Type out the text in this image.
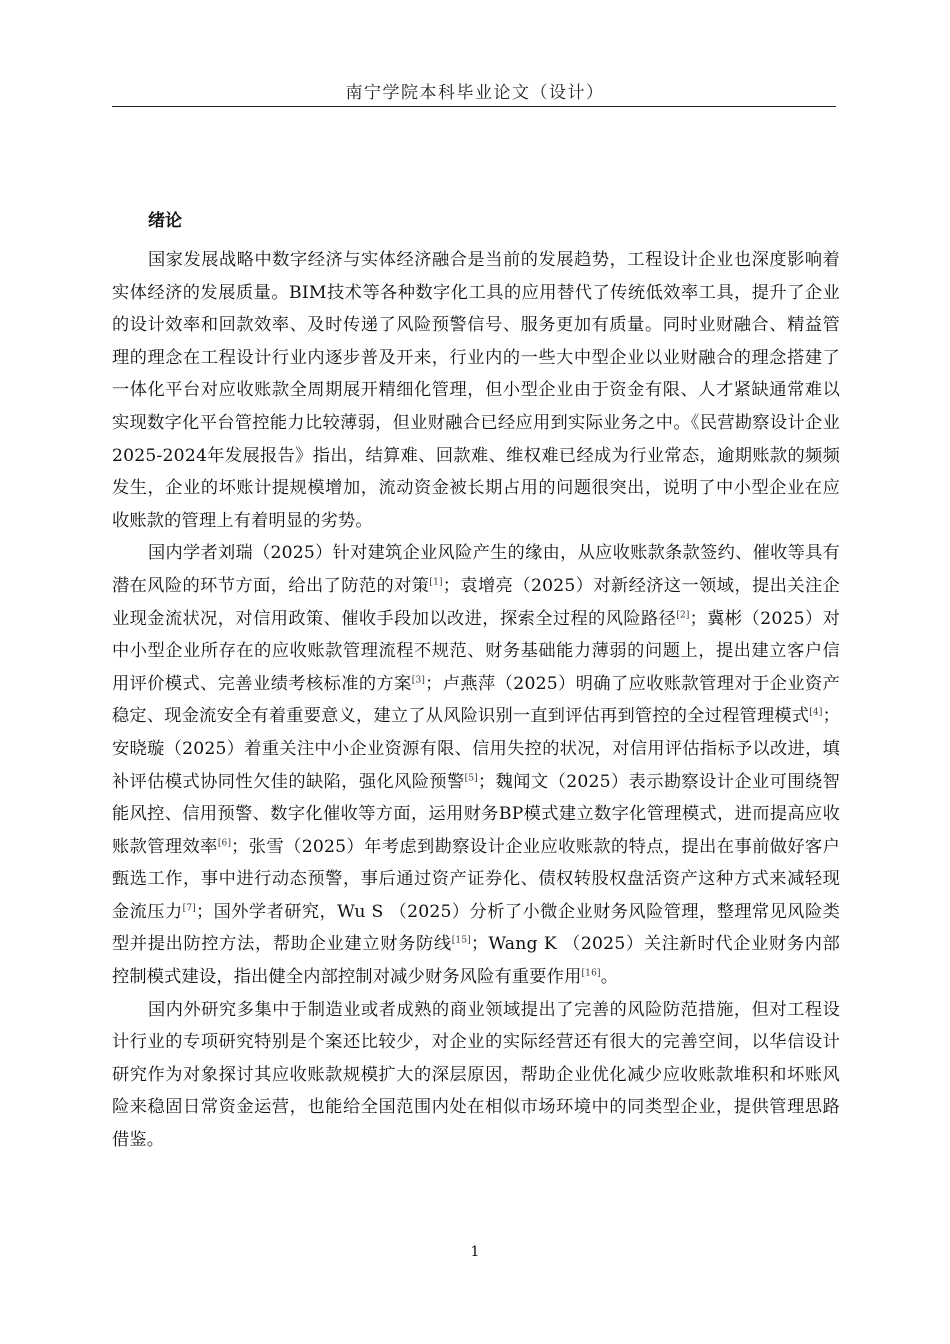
南宁学院本科毕业论文（设计）
绪论

国家发展战略中数字经济与实体经济融合是当前的发展趋势，工程设计企业也深度影响着实体经济的发展质量。BIM技术等各种数字化工具的应用替代了传统低效率工具，提升了企业的设计效率和回款效率、及时传递了风险预警信号、服务更加有质量。同时业财融合、精益管理的理念在工程设计行业内逐步普及开来，行业内的一些大中型企业以业财融合的理念搭建了一体化平台对应收账款全周期展开精细化管理，但小型企业由于资金有限、人才紧缺通常难以实现数字化平台管控能力比较薄弱，但业财融合已经应用到实际业务之中。《民营勘察设计企业2025-2024年发展报告》指出，结算难、回款难、维权难已经成为行业常态，逾期账款的频频发生，企业的坏账计提规模增加，流动资金被长期占用的问题很突出，说明了中小型企业在应收账款的管理上有着明显的劣势。

国内学者刘瑞（2025）针对建筑企业风险产生的缘由，从应收账款条款签约、催收等具有潜在风险的环节方面，给出了防范的对策[1]；袁增亮（2025）对新经济这一领域，提出关注企业现金流状况，对信用政策、催收手段加以改进，探索全过程的风险路径[2]；冀彬（2025）对中小型企业所存在的应收账款管理流程不规范、财务基础能力薄弱的问题上，提出建立客户信用评价模式、完善业绩考核标准的方案[3]；卢燕萍（2025）明确了应收账款管理对于企业资产稳定、现金流安全有着重要意义，建立了从风险识别一直到评估再到管控的全过程管理模式[4]；安晓璇（2025）着重关注中小企业资源有限、信用失控的状况，对信用评估指标予以改进，填补评估模式协同性欠佳的缺陷，强化风险预警[5]；魏闻文（2025）表示勘察设计企业可围绕智能风控、信用预警、数字化催收等方面，运用财务BP模式建立数字化管理模式，进而提高应收账款管理效率[6]；张雪（2025）年考虑到勘察设计企业应收账款的特点，提出在事前做好客户甄选工作，事中进行动态预警，事后通过资产证券化、债权转股权盘活资产这种方式来减轻现金流压力[7]；国外学者研究，Wu S （2025）分析了小微企业财务风险管理，整理常见风险类型并提出防控方法，帮助企业建立财务防线[15]；Wang K （2025）关注新时代企业财务内部控制模式建设，指出健全内部控制对减少财务风险有重要作用[16]。

国内外研究多集中于制造业或者成熟的商业领域提出了完善的风险防范措施，但对工程设计行业的专项研究特别是个案还比较少，对企业的实际经营还有很大的完善空间，以华信设计研究作为对象探讨其应收账款规模扩大的深层原因，帮助企业优化减少应收账款堆积和坏账风险来稳固日常资金运营，也能给全国范围内处在相似市场环境中的同类型企业，提供管理思路借鉴。

1
